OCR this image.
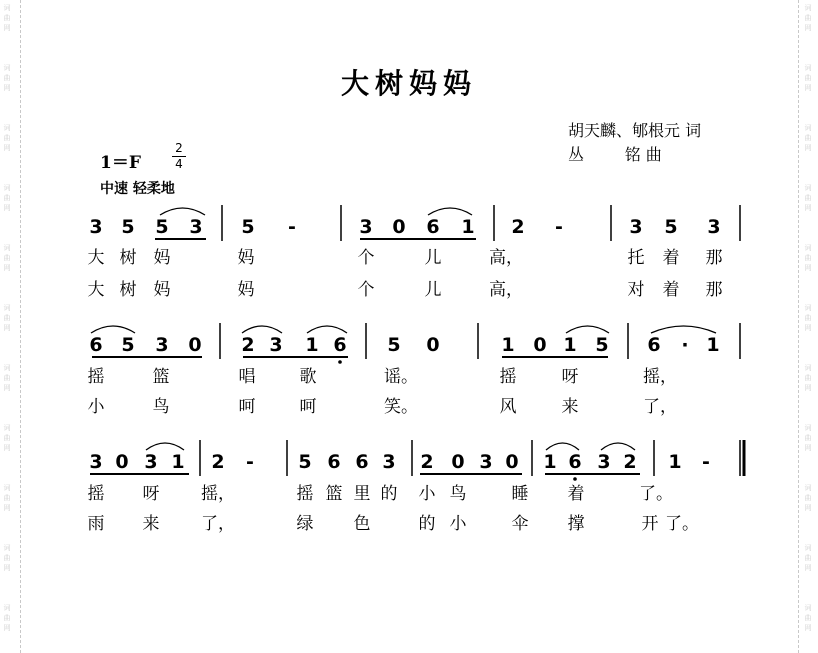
词
曲
网
词
曲
网
词
曲
网
词
曲
网
词
曲
网
词
曲
网
词
曲
网
词
曲
网
词
曲
网
词
曲
网
词
曲
网
词
曲
网
词
曲
网
词
曲
网
词
曲
网
词
曲
网
词
曲
网
词
曲
网
词
曲
网
词
曲
网
词
曲
网
词
曲
网
大树妈妈
胡天麟、郇根元 词
丛        铭 曲
1＝F
2
4
中速 轻柔地
3 5 5 3 5 -	3 0 6 1 2 -	3 5 3
大 树 妈	妈	个	儿	高，	托 着 那
大 树 妈	妈	个	儿	高，	对 着 那
6 5 3 0 2 3 1 6 5 0	1 0 1 5 6 · 1
摇	篮	唱	歌	谣。	摇	呀	摇，
小	鸟	呵	呵	笑。	风	来	了，
3 0 3 1 2 - 5 6 6 3 2 0 3 0 1 6 3 2 1 -
摇 呀 摇，	摇 篮 里 的 小 鸟	睡 着	了。
雨 来 了，	绿 色	的 小	伞 撑	开 了。
